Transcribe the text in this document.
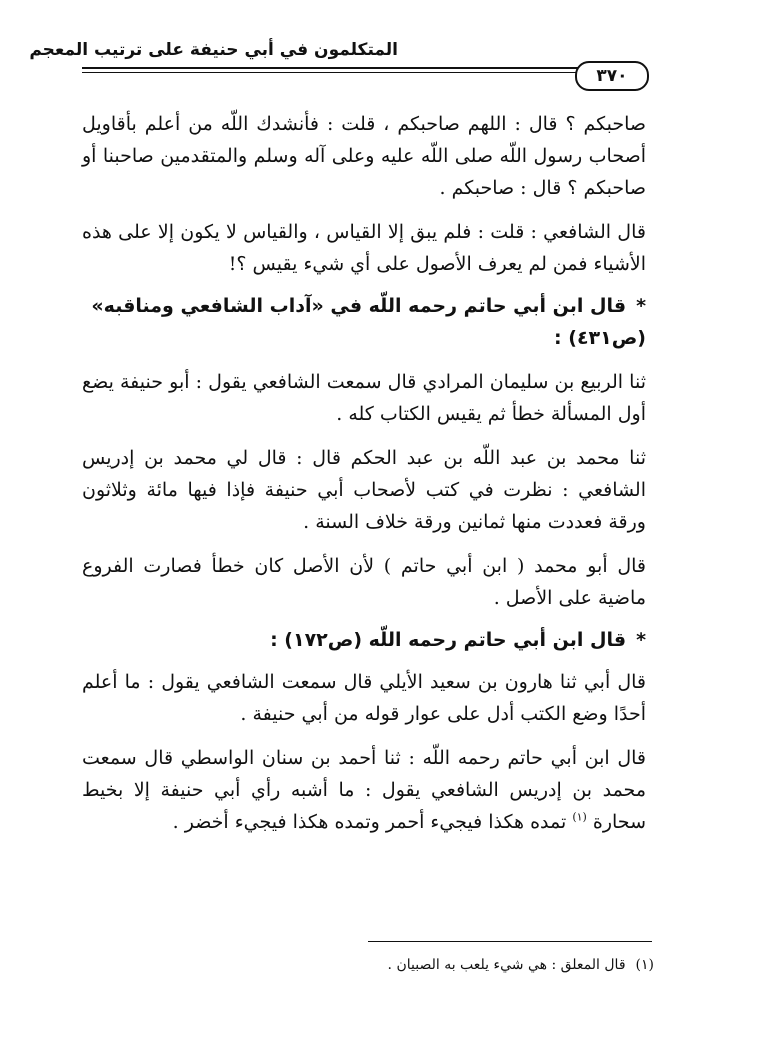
المتكلمون في أبي حنيفة على ترتيب المعجم
٣٧٠

صاحبكم ؟ قال : اللهم صاحبكم ، قلت : فأنشدك اللّه من أعلم بأقاويل أصحاب رسول اللّه صلى اللّه عليه وعلى آله وسلم والمتقدمين صاحبنا أو صاحبكم ؟ قال : صاحبكم .

قال الشافعي : قلت : فلم يبق إلا القياس ، والقياس لا يكون إلا على هذه الأشياء فمن لم يعرف الأصول على أي شيء يقيس ؟!

*قال ابن أبي حاتم رحمه اللّه في «آداب الشافعي ومناقبه» (ص٤٣١) :

ثنا الربيع بن سليمان المرادي قال سمعت الشافعي يقول : أبو حنيفة يضع أول المسألة خطأ ثم يقيس الكتاب كله .

ثنا محمد بن عبد اللّه بن عبد الحكم قال : قال لي محمد بن إدريس الشافعي : نظرت في كتب لأصحاب أبي حنيفة فإذا فيها مائة وثلاثون ورقة فعددت منها ثمانين ورقة خلاف السنة .

قال أبو محمد ( ابن أبي حاتم ) لأن الأصل كان خطأ فصارت الفروع ماضية على الأصل .

*قال ابن أبي حاتم رحمه اللّه (ص١٧٢) :

قال أبي ثنا هارون بن سعيد الأيلي قال سمعت الشافعي يقول : ما أعلم أحدًا وضع الكتب أدل على عوار قوله من أبي حنيفة .

قال ابن أبي حاتم رحمه اللّه : ثنا أحمد بن سنان الواسطي قال سمعت محمد بن إدريس الشافعي يقول : ما أشبه رأي أبي حنيفة إلا بخيط سحارة $^{(١)}$ تمده هكذا فيجيء أحمر وتمده هكذا فيجيء أخضر .

(١)قال المعلق : هي شيء يلعب به الصبيان .
